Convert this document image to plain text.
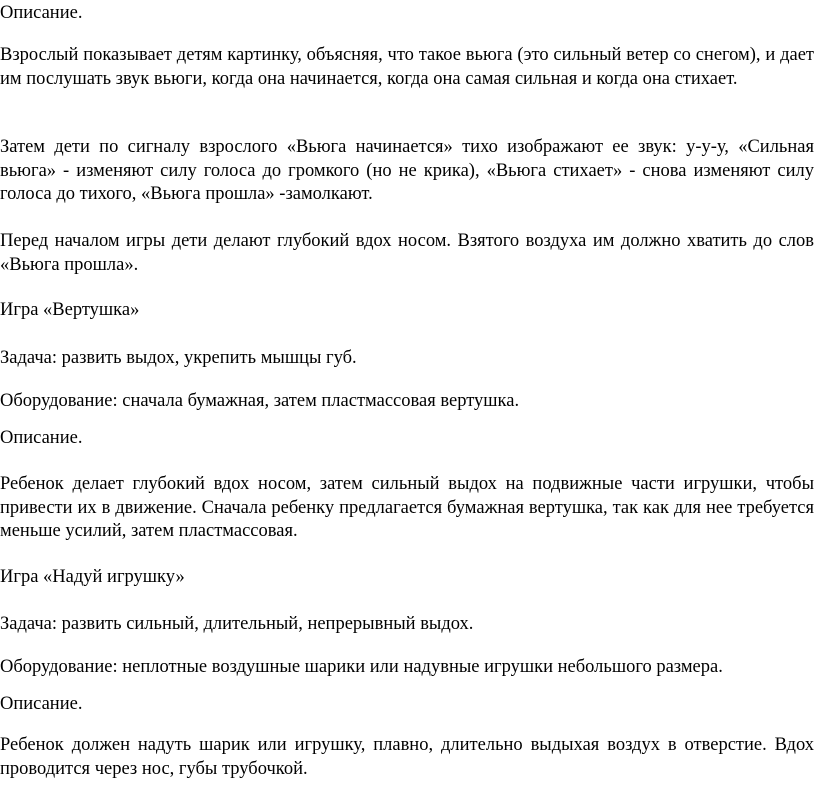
Описание.

Взрослый показывает детям картинку, объясняя, что такое вьюга (это сильный ветер со снегом), и дает им послушать звук вьюги, когда она начинается, когда она самая сильная и когда она стихает.

Затем дети по сигналу взрослого «Вьюга начинается» тихо изображают ее звук: у-у-у, «Сильная вьюга» - изменяют силу голоса до громкого (но не крика), «Вьюга стихает» - снова изменяют силу голоса до тихого, «Вьюга прошла» -замолкают.

Перед началом игры дети делают глубокий вдох носом. Взятого воздуха им должно хватить до слов «Вьюга прошла».

Игра «Вертушка»

Задача: развить выдох, укрепить мышцы губ.

Оборудование: сначала бумажная, затем пластмассовая вертушка.

Описание.

Ребенок делает глубокий вдох носом, затем сильный выдох на подвижные части игрушки, чтобы привести их в движение. Сначала ребенку предлагается бумажная вертушка, так как для нее требуется меньше усилий, затем пластмассовая.

Игра «Надуй игрушку»

Задача: развить сильный, длительный, непрерывный выдох.

Оборудование: неплотные воздушные шарики или надувные игрушки небольшого размера.

Описание.

Ребенок должен надуть шарик или игрушку, плавно, длительно выдыхая воздух в отверстие. Вдох проводится через нос, губы трубочкой.
